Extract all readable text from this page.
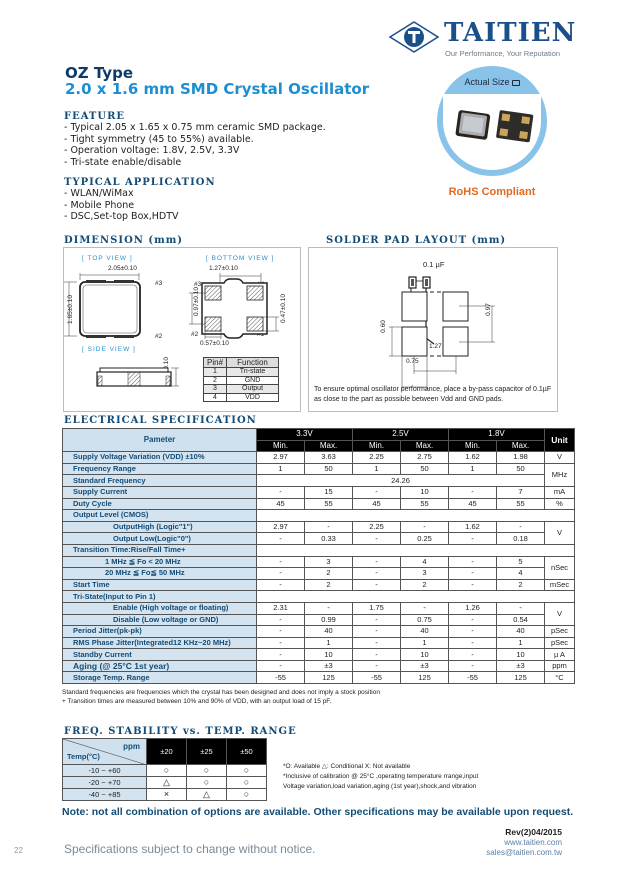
TAITIEN
Our Performance, Your Reputation
OZ Type
2.0 x 1.6 mm SMD Crystal Oscillator
FEATURE
- Typical 2.05 x 1.65 x 0.75 mm ceramic SMD package.
- Tight symmetry (45 to 55%) available.
- Operation voltage: 1.8V, 2.5V, 3.3V
- Tri-state enable/disable
TYPICAL APPLICATION
- WLAN/WiMax
- Mobile Phone
- DSC,Set-top Box,HDTV
Actual Size
RoHS Compliant
DIMENSION (mm)
[ TOP VIEW ]	[ BOTTOM VIEW ]
[ SIDE VIEW ]
2.05±0.10
1.65±0.10
1.27±0.10
0.97±0.10	0.47±0.10
0.57±0.10
#3
#2
#3
#2
Pin#	Function
1	Tri-state
2	GND
3	Output
4	VDD
SOLDER PAD LAYOUT (mm)
0.1 µF
0.60
0.97
1.27
0.75
To ensure optimal oscillator performance, place a by-pass capacitor of 0.1µF as close to the part as possible between Vdd and GND pads.
ELECTRICAL SPECIFICATION
Pameter	3.3V		2.5V		1.8V		Unit
	Min.	Max.	Min.	Max.	Min.	Max.	
Supply Voltage Variation (VDD) ±10%	2.97	3.63	2.25	2.75	1.62	1.98	V
Frequency Range	1	50	1	50	1	50	MHz
Standard Frequency	24.26						
Supply Current	-	15	-	10	-	7	mA
Duty Cycle	45	55	45	55	45	55	%
Output Level (CMOS)							
OutputHigh (Logic"1")	2.97	-	2.25	-	1.62	-	V
Output Low(Logic"0")	-	0.33	-	0.25	-	0.18	
Transition Time:Rise/Fall Time+							
1 MHz ≦ Fo < 20 MHz	-	3	-	4	-	5	nSec
20 MHz ≦ Fo≦ 50 MHz	-	2	-	3	-	4	
Start Time	-	2	-	2	-	2	mSec
Tri-State(Input to Pin 1)							
Enable (High voltage or floating)	2.31	-	1.75	-	1.26	-	V
Disable (Low voltage or GND)	-	0.99	-	0.75	-	0.54	
Period Jitter(pk-pk)	-	40	-	40	-	40	pSec
RMS Phase Jitter(Integrated12 KHz~20 MHz)	-	1	-	1	-	1	pSec
Standby Current	-	10	-	10	-	10	µ A
Aging (@ 25°C 1st year)	-	±3	-	±3	-	±3	ppm
Storage Temp. Range	-55	125	-55	125	-55	125	°C
Standard frequencies are frequencies which the crystal has been designed and does not imply a stock position
+ Transition times are measured between 10% and 90% of VDD, with an output load of 15 pF.
FREQ. STABILITY vs. TEMP. RANGE
ppm
Temp(°C)	±20	±25	±50
-10 ~ +60	○	○	○
-20 ~ +70	△	○	○
-40 ~ +85	×	△	○
*O: Available △: Conditional X: Not available
*Inclusive of calibration @ 25°C ,operating temperature rrange,input
Voltage variation,load variation,aging (1st year),shock,and vibration
Note: not all combination of options are available. Other specifications may be available upon request.
Rev(2)04/2015
www.taitien.com
sales@taitien.com.tw
22	Specifications subject to change without notice.
